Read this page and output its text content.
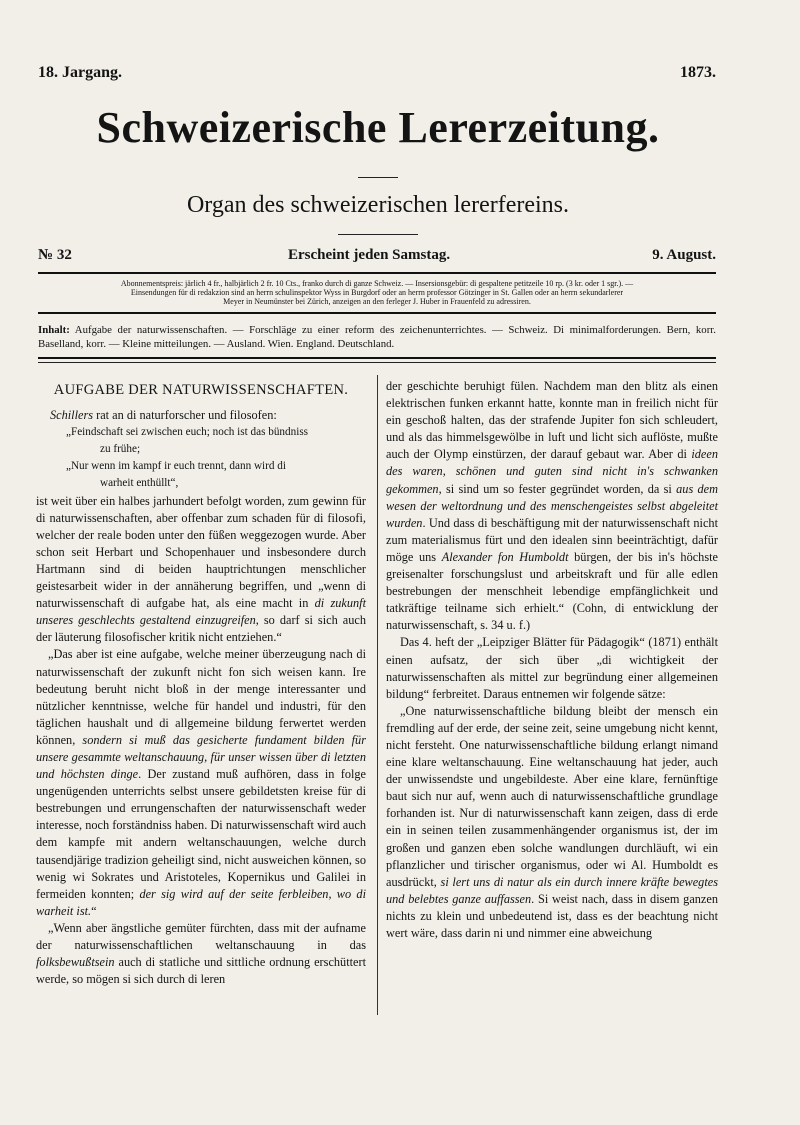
18. Jargang.	1873.
Schweizerische Lererzeitung.
Organ des schweizerischen lererfereins.
№ 32	Erscheint jeden Samstag.	9. August.
Abonnementspreis: järlich 4 fr., halbjärlich 2 fr. 10 Cts., franko durch di ganze Schweiz. — Insersionsgebür: di gespaltene petitzeile 10 rp. (3 kr. oder 1 sgr.). —
Einsendungen für di redakzion sind an herrn schulinspektor Wyss in Burgdorf oder an herrn professor Götzinger in St. Gallen oder an herrn sekundarlerer
Meyer in Neumünster bei Zürich, anzeigen an den ferleger J. Huber in Frauenfeld zu adressiren.
Inhalt: Aufgabe der naturwissenschaften. — Forschläge zu einer reform des zeichenunterrichtes. — Schweiz. Di minimalforderungen. Bern, korr. Baselland, korr. — Kleine mitteilungen. — Ausland. Wien. England. Deutschland.

AUFGABE DER NATURWISSENSCHAFTEN.

Schillers rat an di naturforscher und filosofen:

„Feindschaft sei zwischen euch; noch ist das bündniss

zu frühe;

„Nur wenn im kampf ir euch trennt, dann wird di

warheit enthüllt“,

ist weit über ein halbes jarhundert befolgt worden, zum gewinn für di naturwissenschaften, aber offenbar zum schaden für di filosofi, welcher der reale boden unter den füßen weggezogen wurde. Aber schon seit Herbart und Schopenhauer und insbesondere durch Hartmann sind di beiden hauptrichtungen menschlicher geistesarbeit wider in der annäherung begriffen, und „wenn di naturwissenschaft di aufgabe hat, als eine macht in di zukunft unseres geschlechts gestaltend einzugreifen, so darf si sich auch der läuterung filosofischer kritik nicht entziehen.“

„Das aber ist eine aufgabe, welche meiner überzeugung nach di naturwissenschaft der zukunft nicht fon sich weisen kann. Ire bedeutung beruht nicht bloß in der menge interessanter und nützlicher kenntnisse, welche für handel und industri, für den täglichen haushalt und di allgemeine bildung ferwertet werden können, sondern si muß das gesicherte fundament bilden für unsere gesammte weltanschauung, für unser wissen über di letzten und höchsten dinge. Der zustand muß aufhören, dass in folge ungenügenden unterrichts selbst unsere gebildetsten kreise für di bestrebungen und errungenschaften der naturwissenschaft weder interesse, noch forständniss haben. Di naturwissenschaft wird auch dem kampfe mit andern weltanschauungen, welche durch tausendjärige tradizion geheiligt sind, nicht ausweichen können, so wenig wi Sokrates und Aristoteles, Kopernikus und Galilei in fermeiden konnten; der sig wird auf der seite ferbleiben, wo di warheit ist.“

„Wenn aber ängstliche gemüter fürchten, dass mit der aufname der naturwissenschaftlichen weltanschauung in das folksbewußtsein auch di statliche und sittliche ordnung erschüttert werde, so mögen si sich durch di leren

der geschichte beruhigt fülen. Nachdem man den blitz als einen elektrischen funken erkannt hatte, konnte man in freilich nicht für ein geschoß halten, das der strafende Jupiter fon sich schleudert, und als das himmelsgewölbe in luft und licht sich auflöste, mußte auch der Olymp einstürzen, der darauf gebaut war. Aber di ideen des waren, schönen und guten sind nicht in's schwanken gekommen, si sind um so fester gegründet worden, da si aus dem wesen der weltordnung und des menschengeistes selbst abgeleitet wurden. Und dass di beschäftigung mit der naturwissenschaft nicht zum materialismus fürt und den idealen sinn beeinträchtigt, dafür möge uns Alexander fon Humboldt bürgen, der bis in's höchste greisenalter forschungslust und arbeitskraft und für alle edlen bestrebungen der menschheit lebendige empfänglichkeit und tatkräftige teilname sich erhielt.“ (Cohn, di entwicklung der naturwissenschaft, s. 34 u. f.)

Das 4. heft der „Leipziger Blätter für Pädagogik“ (1871) enthält einen aufsatz, der sich über „di wichtigkeit der naturwissenschaften als mittel zur begründung einer allgemeinen bildung“ ferbreitet. Daraus entnemen wir folgende sätze:

„One naturwissenschaftliche bildung bleibt der mensch ein fremdling auf der erde, der seine zeit, seine umgebung nicht kennt, nicht fersteht. One naturwissenschaftliche bildung erlangt nimand eine klare weltanschauung. Eine weltanschauung hat jeder, auch der unwissendste und ungebildeste. Aber eine klare, fernünftige baut sich nur auf, wenn auch di naturwissenschaftliche grundlage forhanden ist. Nur di naturwissenschaft kann zeigen, dass di erde ein in seinen teilen zusammenhängender organismus ist, der im großen und ganzen eben solche wandlungen durchläuft, wi ein pflanzlicher und tirischer organismus, oder wi Al. Humboldt es ausdrückt, si lert uns di natur als ein durch innere kräfte bewegtes und belebtes ganze auffassen. Si weist nach, dass in disem ganzen nichts zu klein und unbedeutend ist, dass es der beachtung nicht wert wäre, dass darin ni und nimmer eine abweichung
